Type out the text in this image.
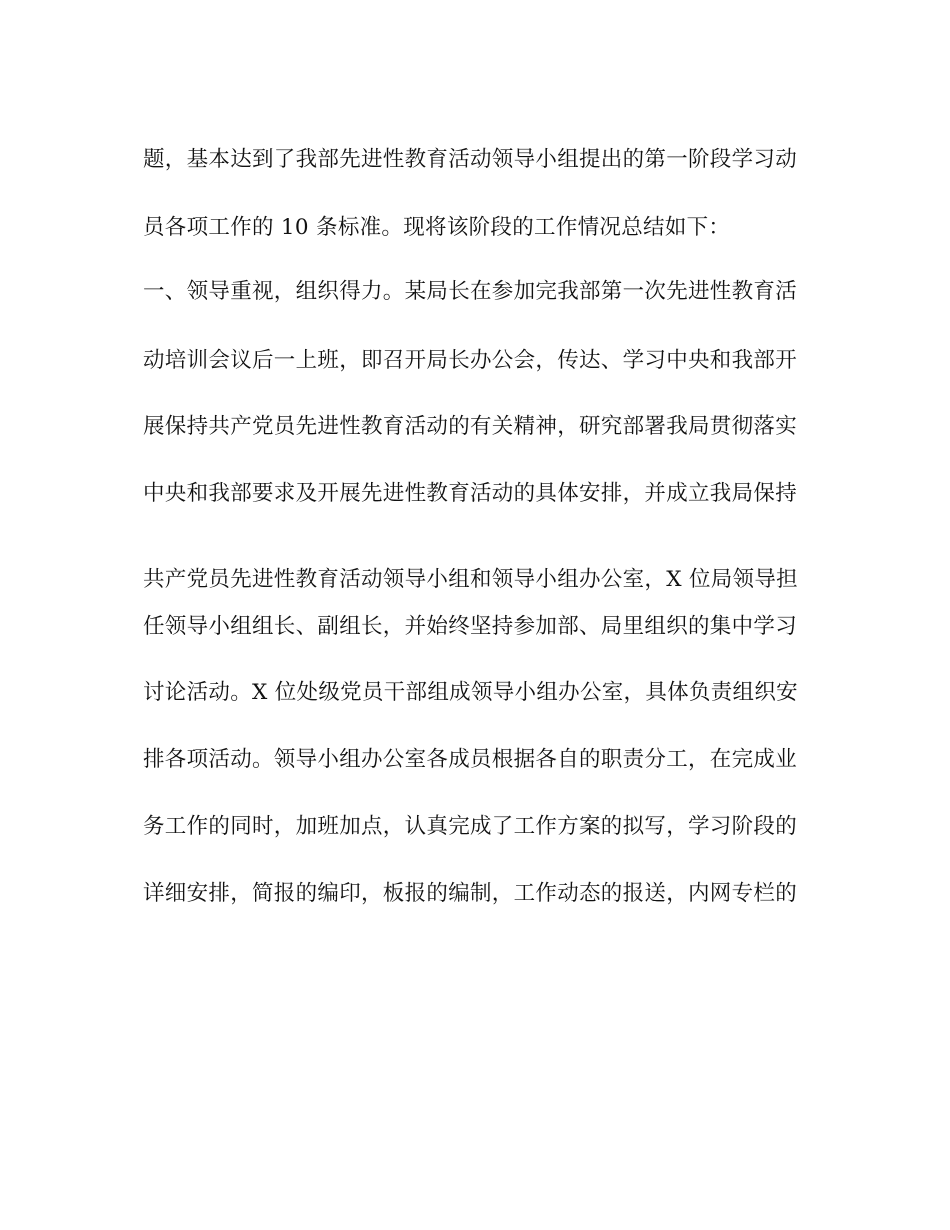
题，基本达到了我部先进性教育活动领导小组提出的第一阶段学习动
员各项工作的 10 条标准。现将该阶段的工作情况总结如下：
一、领导重视，组织得力。某局长在参加完我部第一次先进性教育活
动培训会议后一上班，即召开局长办公会，传达、学习中央和我部开
展保持共产党员先进性教育活动的有关精神，研究部署我局贯彻落实
中央和我部要求及开展先进性教育活动的具体安排，并成立我局保持
共产党员先进性教育活动领导小组和领导小组办公室，X 位局领导担
任领导小组组长、副组长，并始终坚持参加部、局里组织的集中学习
讨论活动。X 位处级党员干部组成领导小组办公室，具体负责组织安
排各项活动。领导小组办公室各成员根据各自的职责分工，在完成业
务工作的同时，加班加点，认真完成了工作方案的拟写，学习阶段的
详细安排，简报的编印，板报的编制，工作动态的报送，内网专栏的
